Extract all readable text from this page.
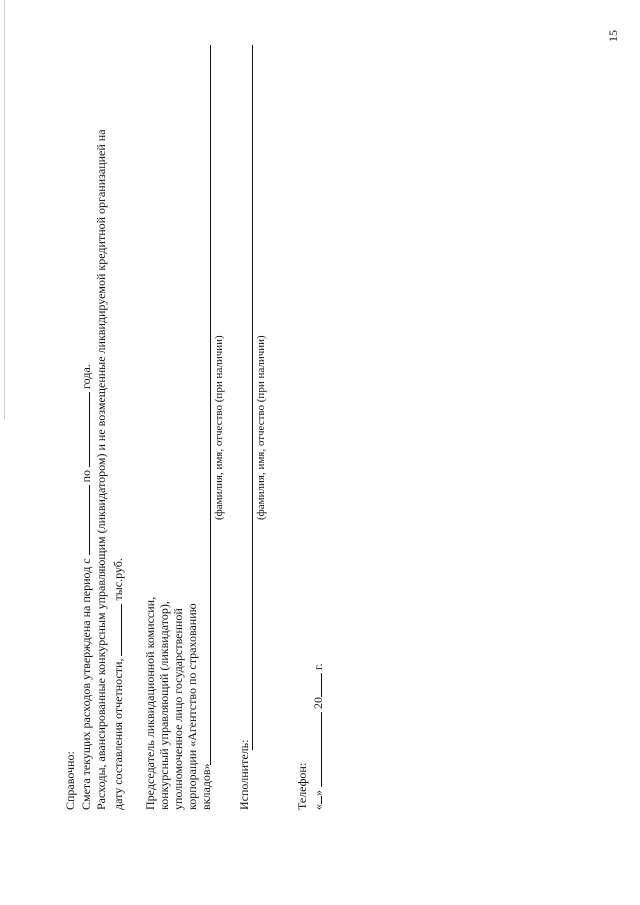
15
Справочно: Смета текущих расходов утверждена на период с  по  года. Расходы, авансированные конкурсным управляющим (ликвидатором) и не возмещенные ликвидируемой кредитной организацией на дату составления отчетности,  тыс.руб.
Председатель ликвидационной комиссии, конкурсный управляющий (ликвидатор), уполномоченное лицо государственной корпорации «Агентство по страхованию вкладов»
(фамилия, имя, отчество (при наличии)
Исполнитель:
(фамилия, имя, отчество (при наличии)
Телефон: «»  20 г.
